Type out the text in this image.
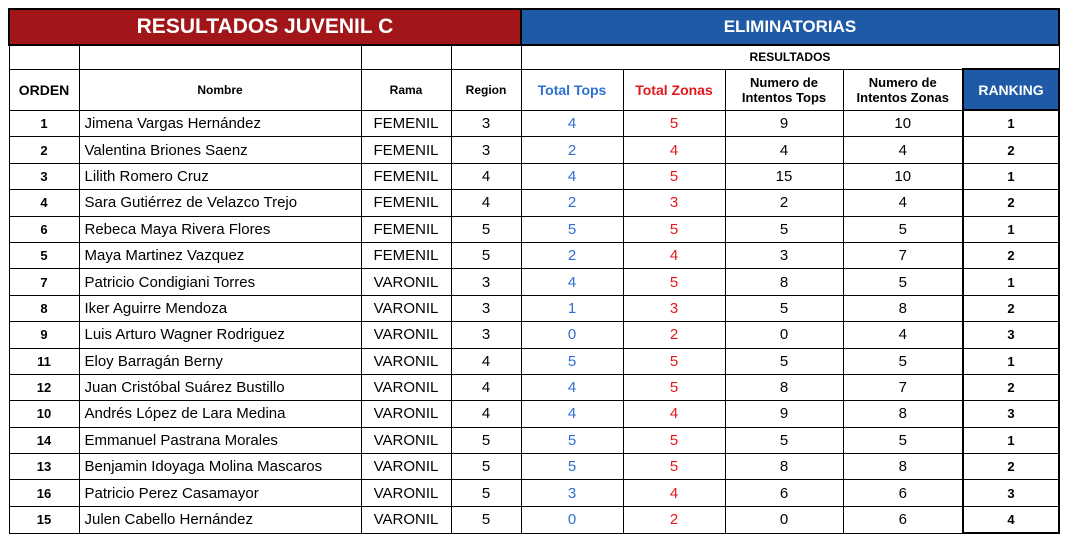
RESULTADOS JUVENIL C				ELIMINATORIAS				
				RESULTADOS				
ORDEN	Nombre	Rama	Region	Total Tops	Total Zonas	Numero de Intentos Tops	Numero de Intentos Zonas	RANKING
1	Jimena Vargas Hernández	FEMENIL	3	4	5	9	10	1
2	Valentina Briones Saenz	FEMENIL	3	2	4	4	4	2
3	Lilith Romero Cruz	FEMENIL	4	4	5	15	10	1
4	Sara Gutiérrez de Velazco Trejo	FEMENIL	4	2	3	2	4	2
6	Rebeca Maya Rivera Flores	FEMENIL	5	5	5	5	5	1
5	Maya Martinez Vazquez	FEMENIL	5	2	4	3	7	2
7	Patricio Condigiani Torres	VARONIL	3	4	5	8	5	1
8	Iker Aguirre Mendoza	VARONIL	3	1	3	5	8	2
9	Luis Arturo Wagner Rodriguez	VARONIL	3	0	2	0	4	3
11	Eloy Barragán Berny	VARONIL	4	5	5	5	5	1
12	Juan Cristóbal Suárez Bustillo	VARONIL	4	4	5	8	7	2
10	Andrés López de Lara Medina	VARONIL	4	4	4	9	8	3
14	Emmanuel Pastrana Morales	VARONIL	5	5	5	5	5	1
13	Benjamin Idoyaga Molina Mascaros	VARONIL	5	5	5	8	8	2
16	Patricio Perez Casamayor	VARONIL	5	3	4	6	6	3
15	Julen Cabello Hernández	VARONIL	5	0	2	0	6	4
